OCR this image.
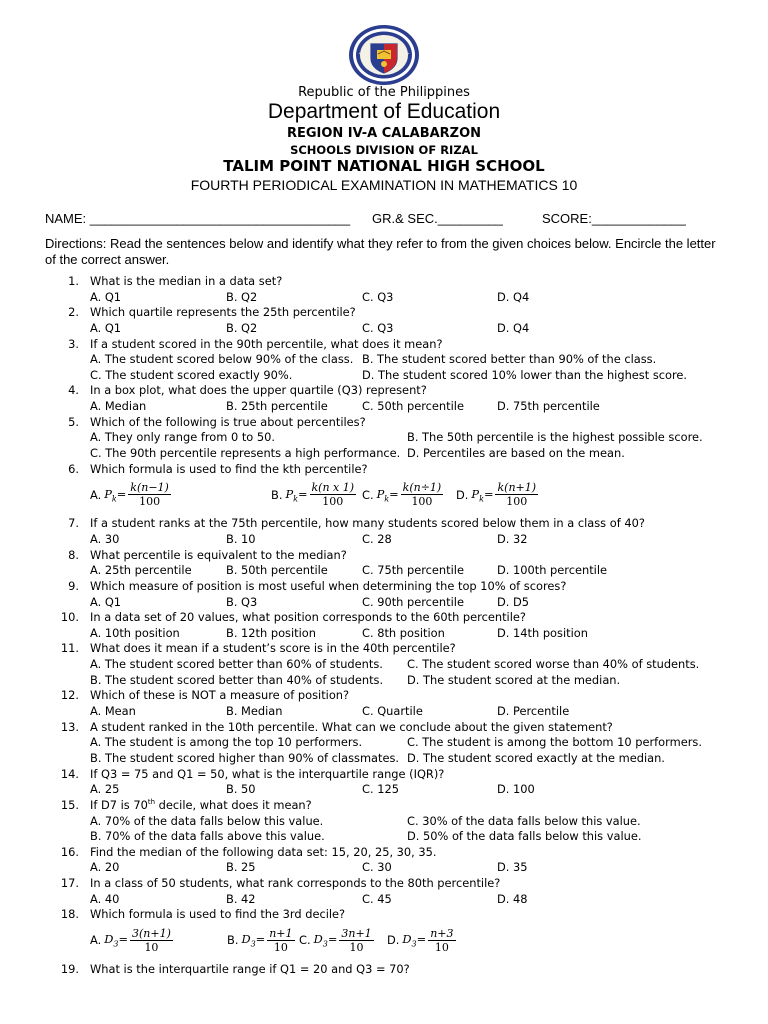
Republic of the Philippines
Department of Education
REGION IV-A CALABARZON
SCHOOLS DIVISION OF RIZAL
TALIM POINT NATIONAL HIGH SCHOOL
FOURTH PERIODICAL EXAMINATION IN MATHEMATICS 10
NAME: ____________________________________ GR.& SEC._________	SCORE:_____________
Directions: Read the sentences below and identify what they refer to from the given choices below. Encircle the letter of the correct answer.
1. What is the median in a data set?
A. Q1	B. Q2	C. Q3	D. Q4
2. Which quartile represents the 25th percentile?
A. Q1	B. Q2	C. Q3	D. Q4
3. If a student scored in the 90th percentile, what does it mean?
A. The student scored below 90% of the class. B. The student scored better than 90% of the class.
C. The student scored exactly 90%.	D. The student scored 10% lower than the highest score.
4. In a box plot, what does the upper quartile (Q3) represent?
A. Median	B. 25th percentile	C. 50th percentile	D. 75th percentile
5. Which of the following is true about percentiles?
A. They only range from 0 to 50.	B. The 50th percentile is the highest possible score.
C. The 90th percentile represents a high performance. D. Percentiles are based on the mean.
6. Which formula is used to find the kth percentile?
A. $P_k= \frac{k(n-1)}{100}$	B. $P_k= \frac{\text{k(n x 1)}}{100} C$. $P_k= \frac{k(n\div 1)}{100} D$. $P_k= \frac{k(n+1)}{100}$
7. If a student ranks at the 75th percentile, how many students scored below them in a class of 40?
A. 30	B. 10	C. 28	D. 32
8. What percentile is equivalent to the median?
A. 25th percentile	B. 50th percentile	C. 75th percentile	D. 100th percentile
9. Which measure of position is most useful when determining the top 10% of scores?
A. Q1	B. Q3	C. 90th percentile	D. D5
10. In a data set of 20 values, what position corresponds to the 60th percentile?
A. 10th position	B. 12th position	C. 8th position	D. 14th position
11. What does it mean if a student’s score is in the 40th percentile?
A. The student scored better than 60% of students. C. The student scored worse than 40% of students.
B. The student scored better than 40% of students. D. The student scored at the median.
12. Which of these is NOT a measure of position?
A. Mean	B. Median	C. Quartile	D. Percentile
13. A student ranked in the 10th percentile. What can we conclude about the given statement?
A. The student is among the top 10 performers.	C. The student is among the bottom 10 performers.
B. The student scored higher than 90% of classmates. D. The student scored exactly at the median.
14. If Q3 = 75 and Q1 = 50, what is the interquartile range (IQR)?
A. 25	B. 50	C. 125	D. 100
15. If D7 is 70th decile, what does it mean?
A. 70% of the data falls below this value.	C. 30% of the data falls below this value.
B. 70% of the data falls above this value.	D. 50% of the data falls below this value.
16. Find the median of the following data set: 15, 20, 25, 30, 35.
A. 20	B. 25	C. 30	D. 35
17. In a class of 50 students, what rank corresponds to the 80th percentile?
A. 40	B. 42	C. 45	D. 48
18. Which formula is used to find the 3rd decile?
A. $D_3= \frac{3(n+1)}{10}$	B. $D_3= \frac{n+1}{10} C$. $D_3= \frac{3n+1}{10} D$. $D_3= \frac{n+3}{10}$
19. What is the interquartile range if Q1 = 20 and Q3 = 70?
